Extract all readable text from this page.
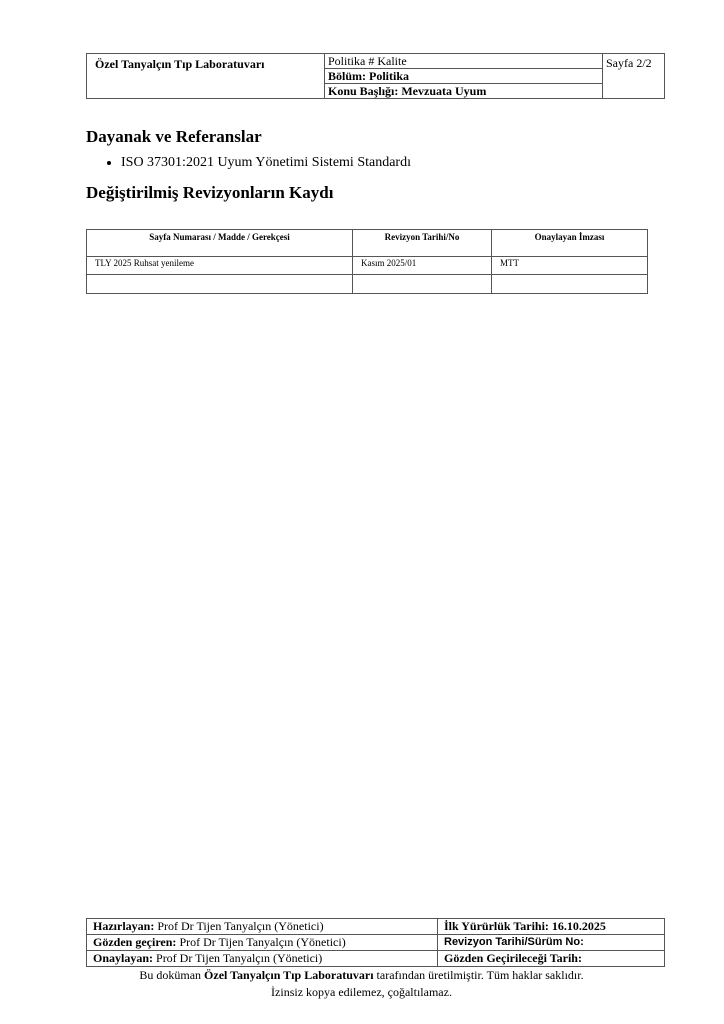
Özel Tanyalçın Tıp Laboratuvarı	Politika # Kalite	Sayfa 2/2
Bölüm: Politika
Konu Başlığı: Mevzuata Uyum
Dayanak ve Referanslar
• ISO 37301:2021 Uyum Yönetimi Sistemi Standardı
Değiştirilmiş Revizyonların Kaydı
Sayfa Numarası / Madde / Gerekçesi	Revizyon Tarihi/No	Onaylayan İmzası
TLY 2025 Ruhsat yenileme	Kasım 2025/01	MTT

Hazırlayan: Prof Dr Tijen Tanyalçın (Yönetici)	İlk Yürürlük Tarihi: 16.10.2025
Gözden geçiren: Prof Dr Tijen Tanyalçın (Yönetici)	Revizyon Tarihi/Sürüm No:
Onaylayan: Prof Dr Tijen Tanyalçın (Yönetici)	Gözden Geçirileceği Tarih:
Bu doküman Özel Tanyalçın Tıp Laboratuvarı tarafından üretilmiştir. Tüm haklar saklıdır.
İzinsiz kopya edilemez, çoğaltılamaz.
